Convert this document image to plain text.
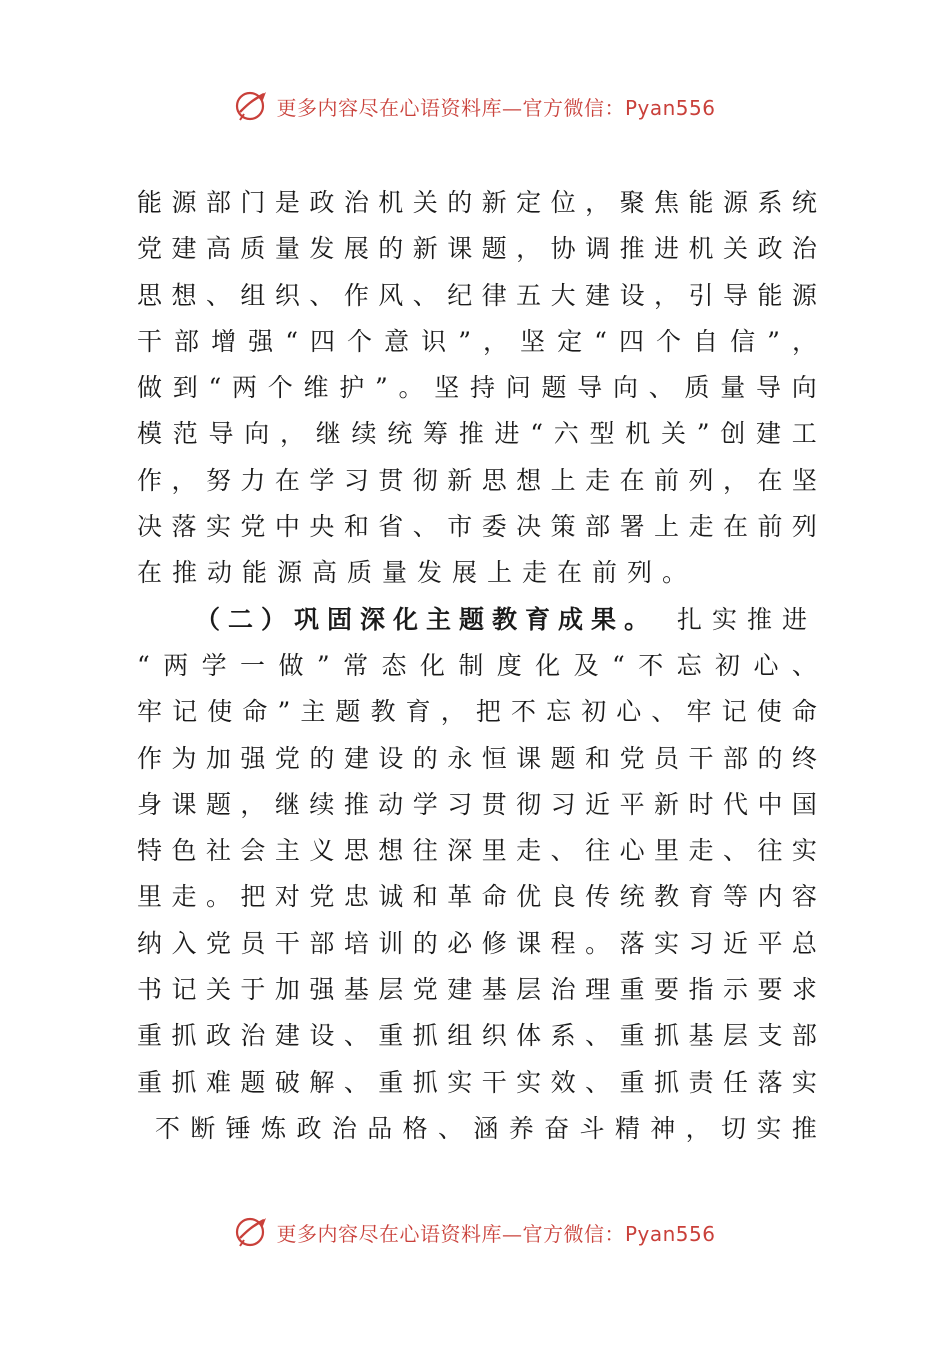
更多内容尽在心语资料库—官方微信：Pyan556
能 源 部 门 是 政 治 机 关 的 新 定 位 ， 聚 焦 能 源 系 统
党 建 高 质 量 发 展 的 新 课 题 ， 协 调 推 进 机 关 政 治
思 想 、 组 织 、 作 风 、 纪 律 五 大 建 设 ， 引 导 能 源
干 部 增 强 “ 四 个 意 识 ” ， 坚 定 “ 四 个 自 信 ” ，
做 到 “ 两 个 维 护 ” 。 坚 持 问 题 导 向 、 质 量 导 向
模 范 导 向 ， 继 续 统 筹 推 进 “ 六 型 机 关 ” 创 建 工
作 ， 努 力 在 学 习 贯 彻 新 思 想 上 走 在 前 列 ， 在 坚
决 落 实 党 中 央 和 省 、 市 委 决 策 部 署 上 走 在 前 列
在推动能源高质量发展上走在前列。
（二）巩固深化主题教育成果。 扎实推进
“ 两 学 一 做 ” 常 态 化 制 度 化 及 “ 不 忘 初 心 、
牢 记 使 命 ” 主 题 教 育 ， 把 不 忘 初 心 、 牢 记 使 命
作 为 加 强 党 的 建 设 的 永 恒 课 题 和 党 员 干 部 的 终
身 课 题 ， 继 续 推 动 学 习 贯 彻 习 近 平 新 时 代 中 国
特 色 社 会 主 义 思 想 往 深 里 走 、 往 心 里 走 、 往 实
里 走 。 把 对 党 忠 诚 和 革 命 优 良 传 统 教 育 等 内 容
纳 入 党 员 干 部 培 训 的 必 修 课 程 。 落 实 习 近 平 总
书 记 关 于 加 强 基 层 党 建 基 层 治 理 重 要 指 示 要 求
重 抓 政 治 建 设 、 重 抓 组 织 体 系 、 重 抓 基 层 支 部
重 抓 难 题 破 解 、 重 抓 实 干 实 效 、 重 抓 责 任 落 实
不 断 锤 炼 政 治 品 格 、 涵 养 奋 斗 精 神 ， 切 实 推
更多内容尽在心语资料库—官方微信：Pyan556
